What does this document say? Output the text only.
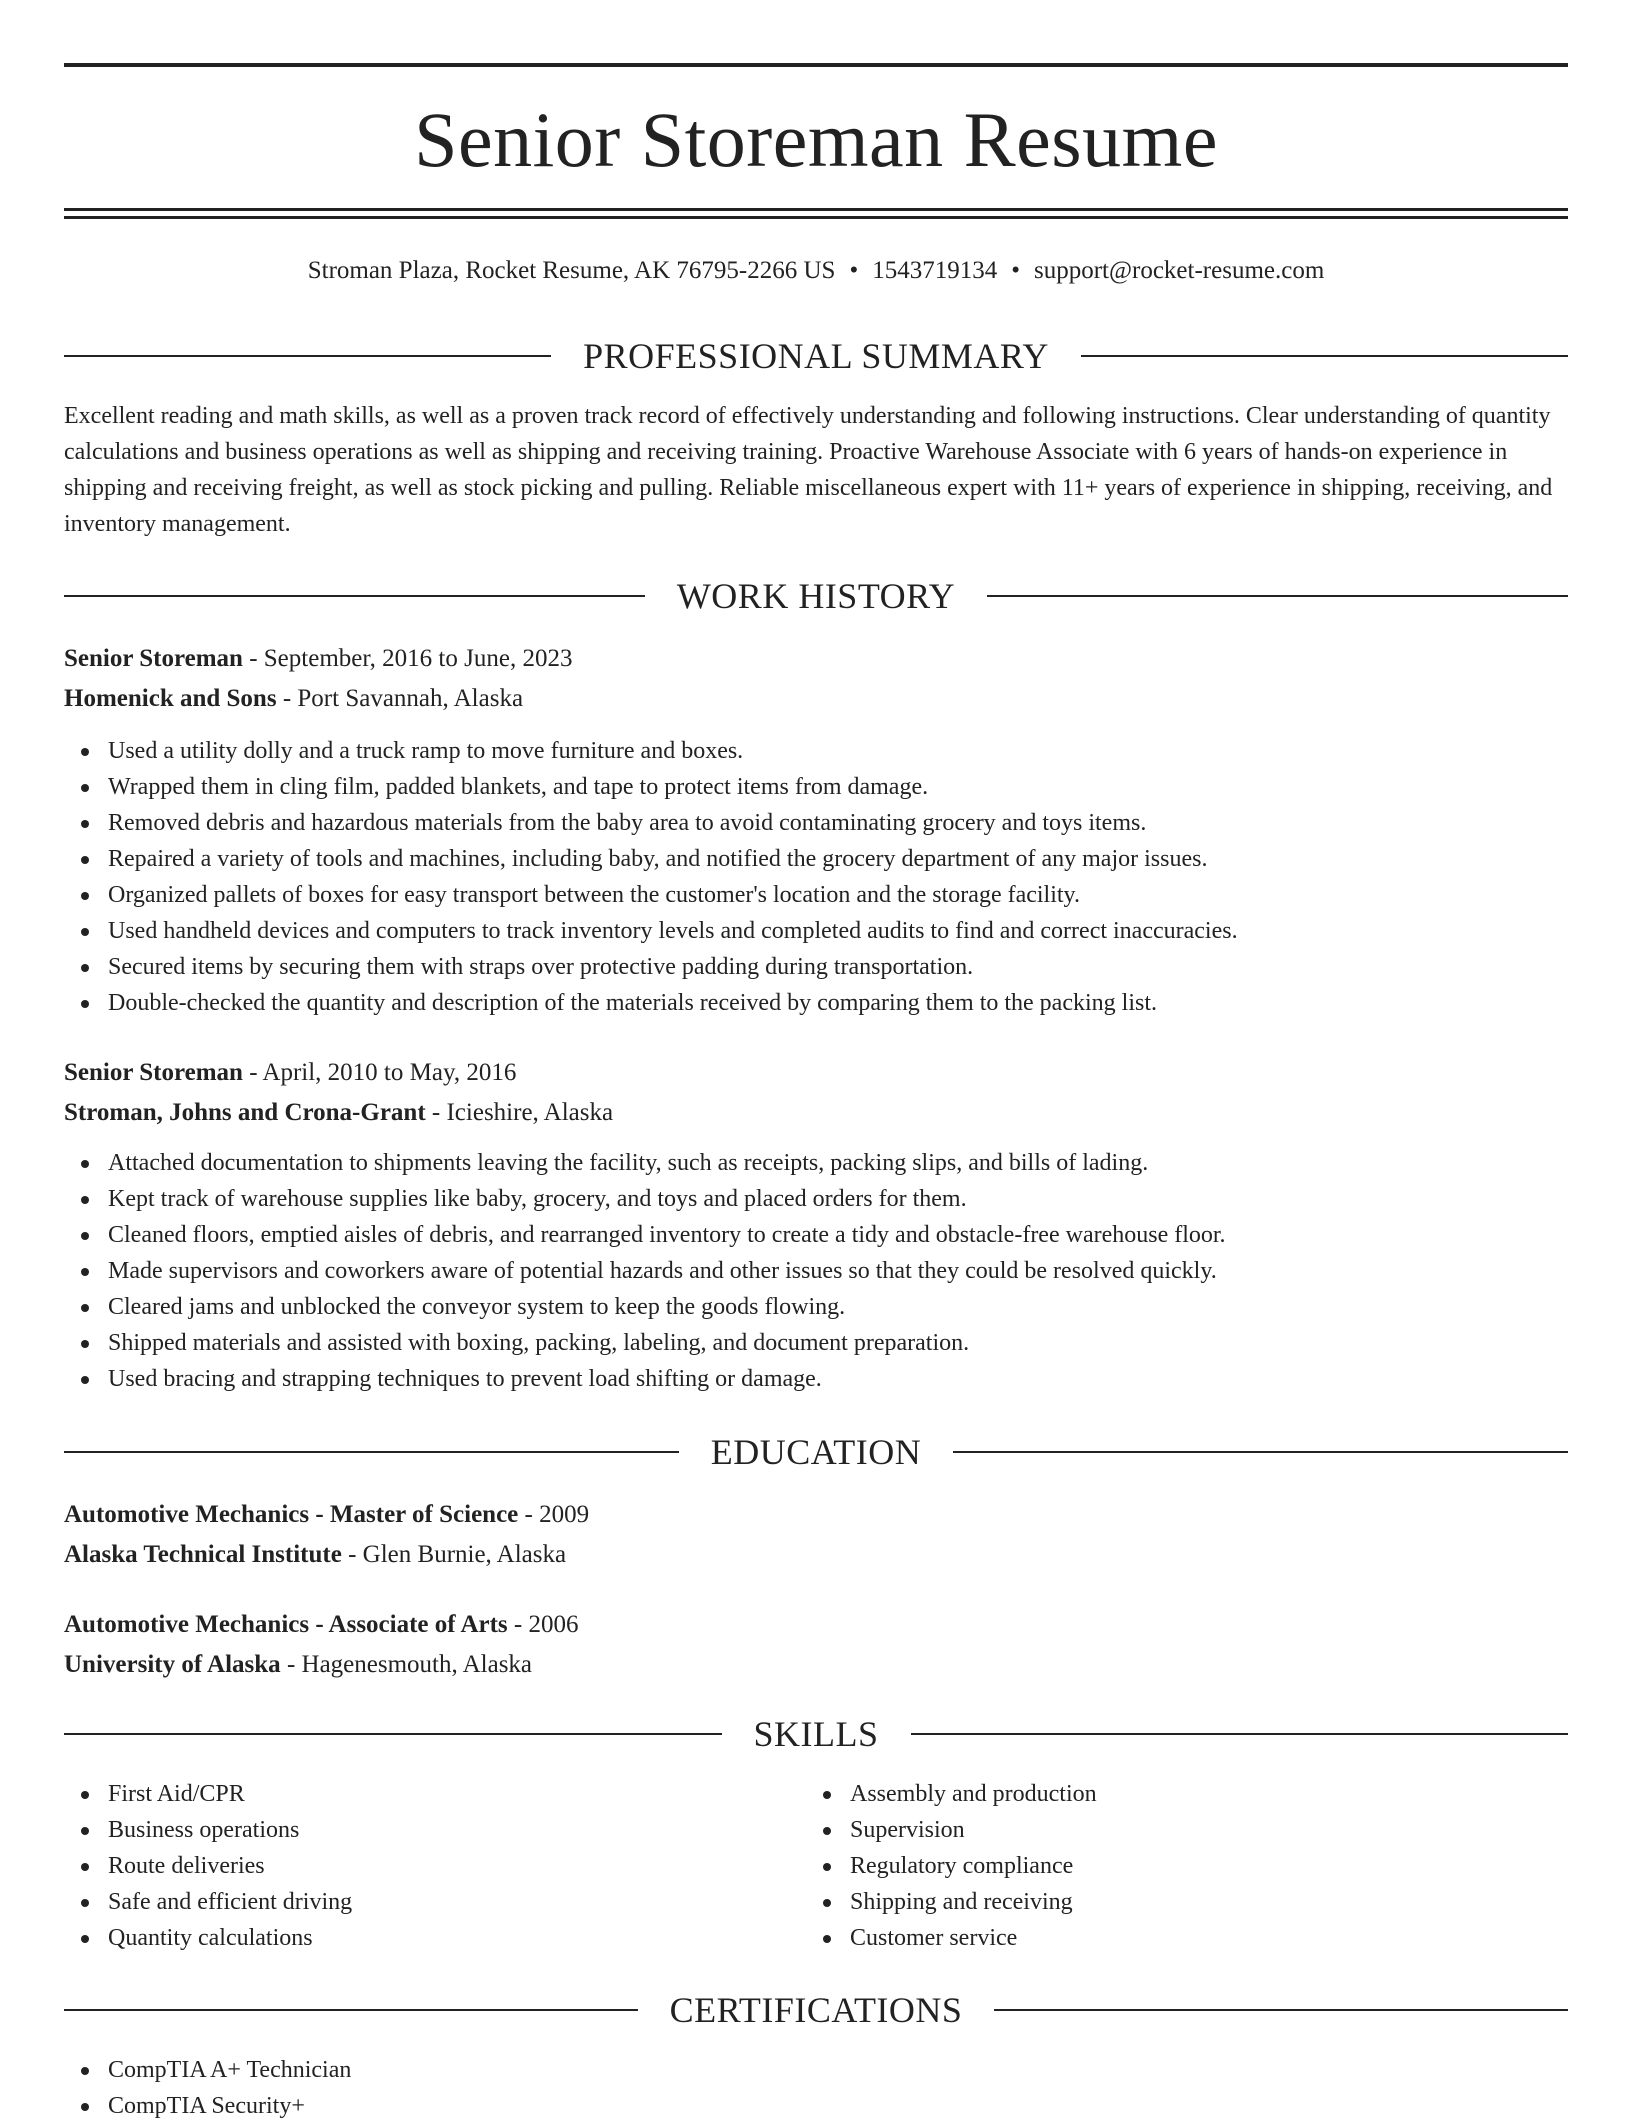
Senior Storeman Resume
Stroman Plaza, Rocket Resume, AK 76795-2266 US • 1543719134 • support@rocket-resume.com
PROFESSIONAL SUMMARY

Excellent reading and math skills, as well as a proven track record of effectively understanding and following instructions. Clear understanding of quantity calculations and business operations as well as shipping and receiving training. Proactive Warehouse Associate with 6 years of hands-on experience in shipping and receiving freight, as well as stock picking and pulling. Reliable miscellaneous expert with 11+ years of experience in shipping, receiving, and inventory management.

WORK HISTORY
Senior Storeman - September, 2016 to June, 2023
Homenick and Sons - Port Savannah, Alaska
Used a utility dolly and a truck ramp to move furniture and boxes.
Wrapped them in cling film, padded blankets, and tape to protect items from damage.
Removed debris and hazardous materials from the baby area to avoid contaminating grocery and toys items.
Repaired a variety of tools and machines, including baby, and notified the grocery department of any major issues.
Organized pallets of boxes for easy transport between the customer's location and the storage facility.
Used handheld devices and computers to track inventory levels and completed audits to find and correct inaccuracies.
Secured items by securing them with straps over protective padding during transportation.
Double-checked the quantity and description of the materials received by comparing them to the packing list.
Senior Storeman - April, 2010 to May, 2016
Stroman, Johns and Crona-Grant - Icieshire, Alaska
Attached documentation to shipments leaving the facility, such as receipts, packing slips, and bills of lading.
Kept track of warehouse supplies like baby, grocery, and toys and placed orders for them.
Cleaned floors, emptied aisles of debris, and rearranged inventory to create a tidy and obstacle-free warehouse floor.
Made supervisors and coworkers aware of potential hazards and other issues so that they could be resolved quickly.
Cleared jams and unblocked the conveyor system to keep the goods flowing.
Shipped materials and assisted with boxing, packing, labeling, and document preparation.
Used bracing and strapping techniques to prevent load shifting or damage.
EDUCATION
Automotive Mechanics - Master of Science - 2009
Alaska Technical Institute - Glen Burnie, Alaska
Automotive Mechanics - Associate of Arts - 2006
University of Alaska - Hagenesmouth, Alaska
SKILLS
First Aid/CPR
Business operations
Route deliveries
Safe and efficient driving
Quantity calculations
Assembly and production
Supervision
Regulatory compliance
Shipping and receiving
Customer service
CERTIFICATIONS
CompTIA A+ Technician
CompTIA Security+
